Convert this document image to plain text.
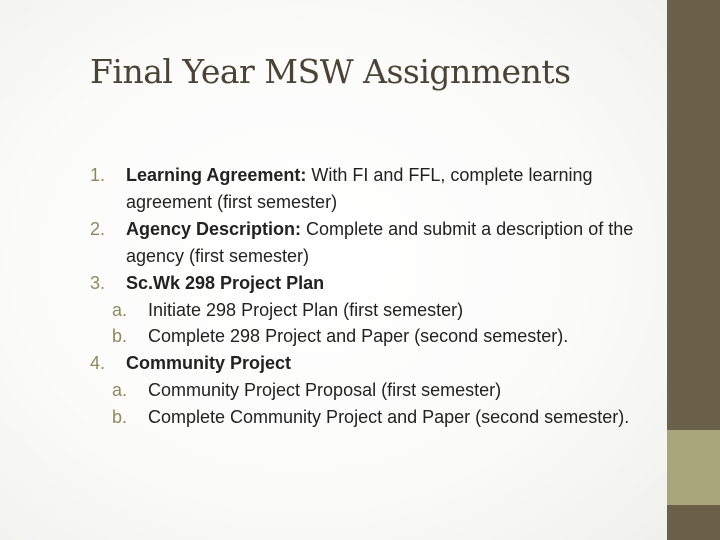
Final Year MSW Assignments
1. Learning Agreement: With FI and FFL, complete learning agreement (first semester)
2. Agency Description: Complete and submit a description of the agency (first semester)
3. Sc.Wk 298 Project Plan
a. Initiate 298 Project Plan (first semester)
b. Complete 298 Project and Paper (second semester).
4. Community Project
a. Community Project Proposal (first semester)
b. Complete Community Project and Paper (second semester).
